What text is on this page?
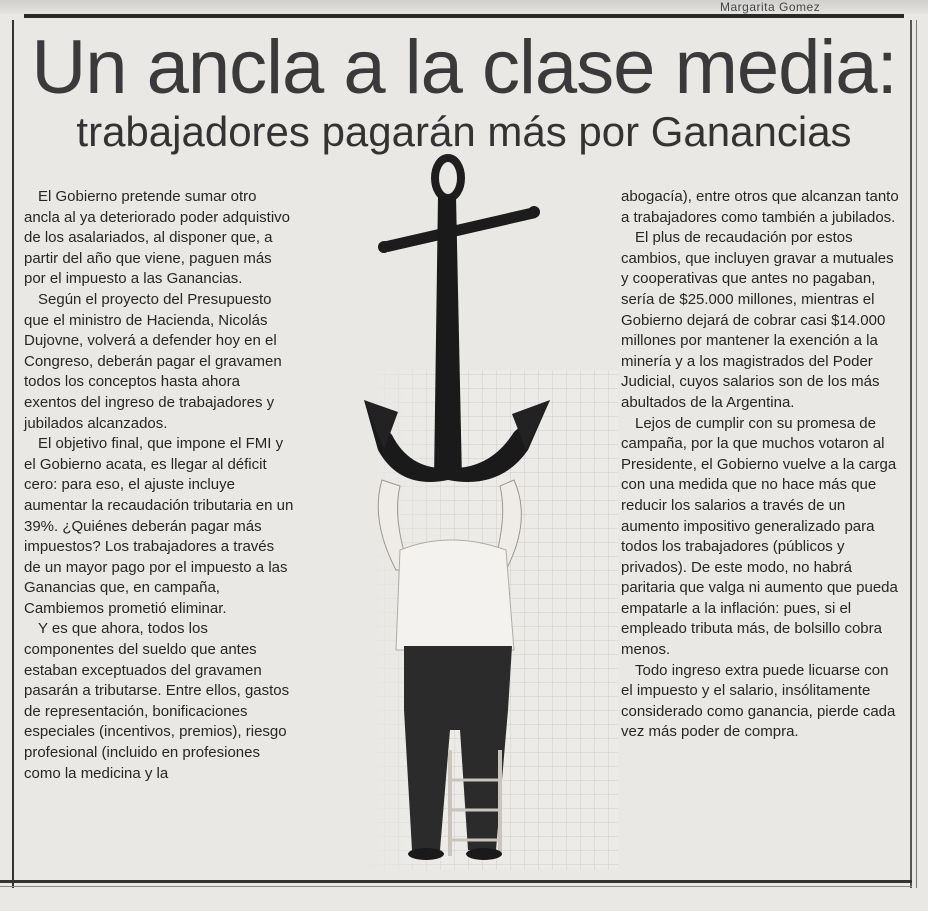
Margarita Gomez
Un ancla a la clase media:
trabajadores pagarán más por Ganancias

El Gobierno pretende sumar otro ancla al ya deteriorado poder adquistivo de los asalariados, al disponer que, a partir del año que viene, paguen más por el impuesto a las Ganancias.

Según el proyecto del Presupuesto que el ministro de Hacienda, Nicolás Dujovne, volverá a defender hoy en el Congreso, deberán pagar el gravamen todos los conceptos hasta ahora exentos del ingreso de trabajadores y jubilados alcanzados.

El objetivo final, que impone el FMI y el Gobierno acata, es llegar al déficit cero: para eso, el ajuste incluye aumentar la recaudación tributaria en un 39%. ¿Quiénes deberán pagar más impuestos? Los trabajadores a través de un mayor pago por el impuesto a las Ganancias que, en campaña, Cambiemos prometió eliminar.

Y es que ahora, todos los componentes del sueldo que antes estaban exceptuados del gravamen pasarán a tributarse. Entre ellos, gastos de representación, bonificaciones especiales (incentivos, premios), riesgo profesional (incluido en profesiones como la medicina y la

abogacía), entre otros que alcanzan tanto a trabajadores como también a jubilados.

El plus de recaudación por estos cambios, que incluyen gravar a mutuales y cooperativas que antes no pagaban, sería de $25.000 millones, mientras el Gobierno dejará de cobrar casi $14.000 millones por mantener la exención a la minería y a los magistrados del Poder Judicial, cuyos salarios son de los más abultados de la Argentina.

Lejos de cumplir con su promesa de campaña, por la que muchos votaron al Presidente, el Gobierno vuelve a la carga con una medida que no hace más que reducir los salarios a través de un aumento impositivo generalizado para todos los trabajadores (públicos y privados). De este modo, no habrá paritaria que valga ni aumento que pueda empatarle a la inflación: pues, si el empleado tributa más, de bolsillo cobra menos.

Todo ingreso extra puede licuarse con el impuesto y el salario, insólitamente considerado como ganancia, pierde cada vez más poder de compra.
